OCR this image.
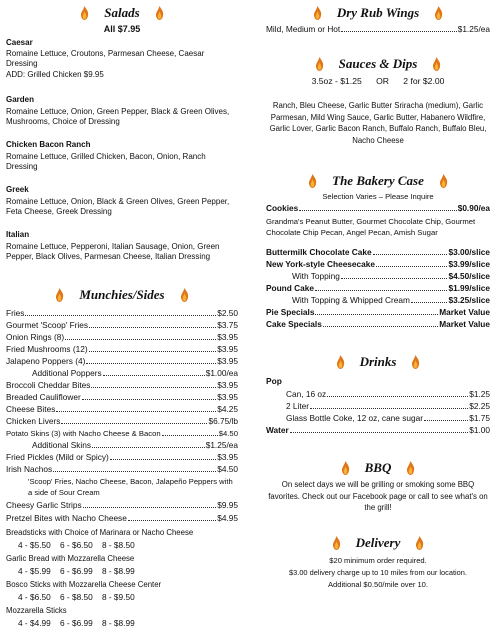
Salads
All $7.95
Caesar
Romaine Lettuce, Croutons, Parmesan Cheese, Caesar Dressing
ADD: Grilled Chicken $9.95
Garden
Romaine Lettuce, Onion, Green Pepper, Black & Green Olives, Mushrooms, Choice of Dressing
Chicken Bacon Ranch
Romaine Lettuce, Grilled Chicken, Bacon, Onion, Ranch Dressing
Greek
Romaine Lettuce, Onion, Black & Green Olives, Green Pepper, Feta Cheese, Greek Dressing
Italian
Romaine Lettuce, Pepperoni, Italian Sausage, Onion, Green Pepper, Black Olives, Parmesan Cheese, Italian Dressing
Munchies/Sides
Fries	$2.50
Gourmet 'Scoop' Fries	$3.75
Onion Rings (8)	$3.95
Fried Mushrooms (12)	$3.95
Jalapeno Poppers (4)	$3.95
Additional Poppers	$1.00/ea
Broccoli Cheddar Bites	$3.95
Breaded Cauliflower	$3.95
Cheese Bites	$4.25
Chicken Livers	$6.75/lb
Potato Skins (3) with Nacho Cheese & Bacon	$4.50
Additional Skins	$1.25/ea
Fried Pickles (Mild or Spicy)	$3.95
Irish Nachos	$4.50
'Scoop' Fries, Nacho Cheese, Bacon, Jalapeño Peppers with a side of Sour Cream
Cheesy Garlic Strips	$9.95
Pretzel Bites with Nacho Cheese	$4.95
Breadsticks with Choice of Marinara or Nacho Cheese
4 - $5.50    6 - $6.50    8 - $8.50
Garlic Bread with Mozzarella Cheese
4 - $5.99    6 - $6.99    8 - $8.99
Bosco Sticks with Mozzarella Cheese Center
4 - $6.50    6 - $8.50    8 - $9.50
Mozzarella Sticks
4 - $4.99    6 - $6.99    8 - $8.99
Dry Rub Wings
Mild, Medium or Hot	$1.25/ea
Sauces & Dips
3.5oz - $1.25      OR      2 for $2.00
Ranch, Bleu Cheese, Garlic Butter Sriracha (medium), Garlic Parmesan, Mild Wing Sauce, Garlic Butter, Habanero Wildfire, Garlic Lover, Garlic Bacon Ranch, Buffalo Ranch, Buffalo Bleu, Nacho Cheese
The Bakery Case
Selection Varies – Please Inquire
Cookies	$0.90/ea
Grandma's Peanut Butter, Gourmet Chocolate Chip, Gourmet Chocolate Chip Pecan, Angel Pecan, Amish Sugar
Buttermilk Chocolate Cake	$3.00/slice
New York-style Cheesecake	$3.99/slice
With Topping	$4.50/slice
Pound Cake	$1.99/slice
With Topping & Whipped Cream	$3.25/slice
Pie Specials	Market Value
Cake Specials	Market Value
Drinks
Pop
Can, 16 oz	$1.25
2 Liter	$2.25
Glass Bottle Coke, 12 oz, cane sugar	$1.75
Water	$1.00
BBQ
On select days we will be grilling or smoking some BBQ favorites. Check out our Facebook page or call to see what's on the grill!
Delivery
$20 minimum order required.
$3.00 delivery charge up to 10 miles from our location.
Additional $0.50/mile over 10.
